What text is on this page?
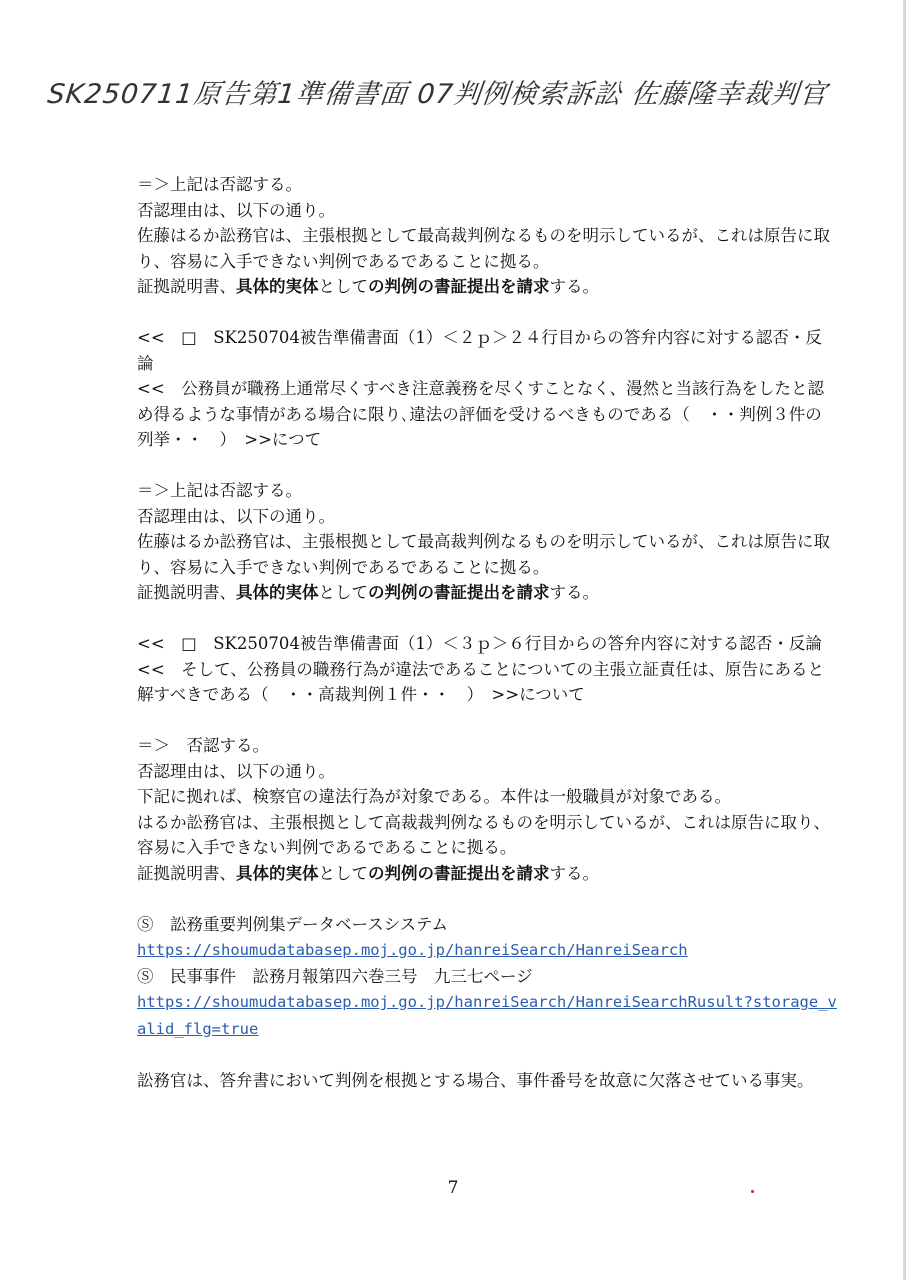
SK250711原告第1準備書面 07判例検索訴訟 佐藤隆幸裁判官

＝＞上記は否認する。

否認理由は、以下の通り。

佐藤はるか訟務官は、主張根拠として最高裁判例なるものを明示しているが、これは原告に取り、容易に入手できない判例であるであることに拠る。

証拠説明書、具体的実体としての判例の書証提出を請求する。

<<　□　SK250704被告準備書面（1）＜２ｐ＞２４行目からの答弁内容に対する認否・反論

<<　公務員が職務上通常尽くすべき注意義務を尽くすことなく、漫然と当該行為をしたと認め得るような事情がある場合に限り､違法の評価を受けるべきものである（　・・判例３件の列挙・・　）　>>につて

＝＞上記は否認する。

否認理由は、以下の通り。

佐藤はるか訟務官は、主張根拠として最高裁判例なるものを明示しているが、これは原告に取り、容易に入手できない判例であるであることに拠る。

証拠説明書、具体的実体としての判例の書証提出を請求する。

<<　□　SK250704被告準備書面（1）＜３ｐ＞６行目からの答弁内容に対する認否・反論

<<　そして、公務員の職務行為が違法であることについての主張立証責任は、原告にあると解すべきである（　・・高裁判例１件・・　）　>>について

＝＞　否認する。

否認理由は、以下の通り。

下記に拠れば、検察官の違法行為が対象である。本件は一般職員が対象である。

はるか訟務官は、主張根拠として高裁裁判例なるものを明示しているが、これは原告に取り、容易に入手できない判例であるであることに拠る。

証拠説明書、具体的実体としての判例の書証提出を請求する。

Ⓢ　訟務重要判例集データベースシステム

https://shoumudatabasep.moj.go.jp/hanreiSearch/HanreiSearch

Ⓢ　民事事件　訟務月報第四六巻三号　九三七ページ

https://shoumudatabasep.moj.go.jp/hanreiSearch/HanreiSearchRusult?storage_valid_flg=true

訟務官は、答弁書において判例を根拠とする場合、事件番号を故意に欠落させている事実。

7
